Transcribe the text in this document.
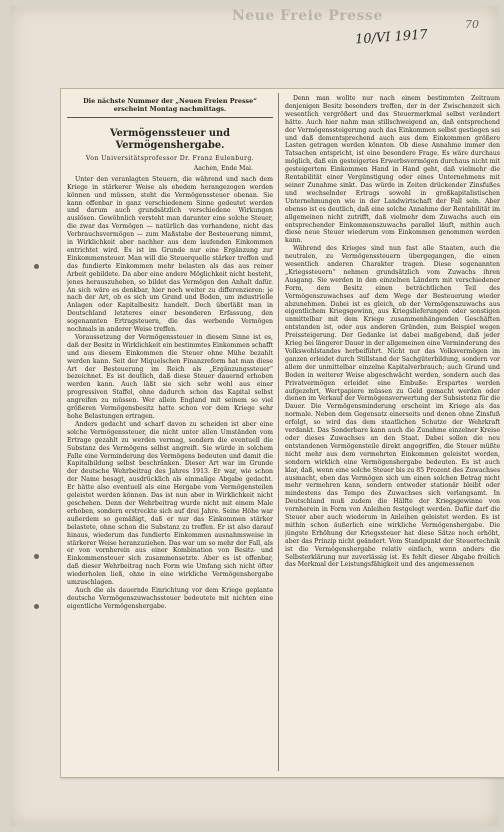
Neue Freie Presse
10/VI 1917
70
Die nächste Nummer der „Neuen Freien Presse“ erscheint Montag nachmittags.
Vermögenssteuer und Vermögenshergabe.
Von Universitätsprofessor Dr. Franz Eulenburg.
Aachen, Ende Mai.

Unter den veranlagten Steuern, die während und nach dem Kriege in stärkerer Weise als ehedem herangezogen werden können und müssen, steht die Vermögenssteuer obenan. Sie kann offenbar in ganz verschiedenem Sinne gedeutet werden und darum auch grundsätzlich verschiedene Wirkungen auslösen. Gewöhnlich versteht man darunter eine solche Steuer, die zwar das Vermögen — natürlich das vorhandene, nicht das Verbrauchsvermögen — zum Maßstabe der Besteuerung nimmt, in Wirklichkeit aber nachher aus dem laufenden Einkommen entrichtet wird. Es ist im Grunde nur eine Ergänzung zur Einkommensteuer. Man will die Steuerquelle stärker treffen und das fundierte Einkommen mehr belasten als das aus reiner Arbeit gebildete. Da aber eine andere Möglichkeit nicht besteht, jenes herauszuheben, so bildet das Vermögen den Anhalt dafür. An sich wäre es denkbar, hier noch weiter zu differenzieren: je nach der Art, ob es sich um Grund und Boden, um industrielle Anlagen oder Kapitalbesitz handelt. Doch überläßt man in Deutschland letzteres einer besonderen Erfassung, den sogenannten Ertragsteuern, die das werbende Vermögen nochmals in anderer Weise treffen.

Voraussetzung der Vermögenssteuer in diesem Sinne ist es, daß der Besitz in Wirklichkeit ein bestimmtes Einkommen schafft und aus diesem Einkommen die Steuer ohne Mühe bezahlt werden kann. Seit der Miquelschen Finanzreform hat man diese Art der Besteuerung im Reich als „Ergänzungssteuer“ bezeichnet. Es ist deutlich, daß diese Steuer dauernd erhoben werden kann. Auch läßt sie sich sehr wohl aus einer progressiven Staffel, ohne dadurch schon das Kapital selbst angreifen zu müssen. Wer allein England mit seinem so viel größeren Vermögensbesitz hatte schon vor dem Kriege sehr hohe Belastungen ertragen.

Anders gedacht und scharf davon zu scheiden ist aber eine solche Vermögenssteuer, die nicht unter allen Umständen vom Ertrage gezahlt zu werden vermag, sondern die eventuell die Substanz des Vermögens selbst angreift. Sie würde in solchem Falle eine Verminderung des Vermögens bedeuten und damit die Kapitalbildung selbst beschränken. Dieser Art war im Grunde der deutsche Wehrbeitrag des Jahres 1913. Er war, wie schon der Name besagt, ausdrücklich als einmalige Abgabe gedacht. Er hätte also eventuell als eine Hergabe vom Vermögensteilen geleistet werden können. Das ist nun aber in Wirklichkeit nicht geschehen. Denn der Wehrbeitrag wurde nicht mit einem Male erhoben, sondern erstreckte sich auf drei Jahre. Seine Höhe war außerdem so gemäßigt, daß er nur das Einkommen stärker belastete, ohne schon die Substanz zu treffen. Er ist also darauf hinaus, wiederum das fundierte Einkommen ausnahmsweise in stärkerer Weise heranzuziehen. Das war um so mehr der Fall, als er von vornherein aus einer Kombination von Besitz- und Einkommensteuer sich zusammensetzte. Aber es ist offenbar, daß dieser Wehrbeitrag nach Form wie Umfang sich nicht öfter wiederholen ließ, ohne in eine wirkliche Vermögenshergabe umzuschlagen.

Auch die als dauernde Einrichtung vor dem Kriege geplante deutsche Vermögenszuwachssteuer bedeutete mit nichten eine eigentliche Vermögenshergabe.

Denn man wollte nur nach einem bestimmten Zeitraum denjenigen Besitz besonders treffen, der in der Zwischenzeit sich wesentlich vergrößert und das Steuermerkmal selbst verändert hätte. Auch hier nahm man stillschweigend an, daß entsprechend der Vermögenssteigerung auch das Einkommen selbst gestiegen sei und daß dementsprechend auch aus dem Einkommen größere Lasten getragen werden könnten. Ob diese Annahme immer den Tatsachen entspricht, ist eine besondere Frage. Es wäre durchaus möglich, daß ein gesteigertes Erwerbsvermögen durchaus nicht mit gesteigertem Einkommen Hand in Hand geht, daß vielmehr die Rentabilität einer Vergünstigung oder eines Unternehmens mit seiner Zunahme sinkt. Das würde in Zeiten drückender Zinsfußes und wechselnder Ertrags sowohl in großkapitalistischen Unternehmungen wie in der Landwirtschaft der Fall sein. Aber ebenso ist es deutlich, daß eine solche Annahme der Rentabilität im allgemeinen nicht zutrifft, daß vielmehr dem Zuwachs auch ein entsprechender Einkommenszuwachs parallel läuft, mithin auch diese neue Steuer wiederum vom Einkommen genommen werden kann.

Während des Krieges sind nun fast alle Staaten, auch die neutralen, zu Vermögenssteuern übergegangen, die einen wesentlich anderen Charakter tragen. Diese sogenannten „Kriegssteuern“ nehmen grundsätzlich vom Zuwachs ihren Ausgang. Sie werden in den einzelnen Ländern mit verschiedener Form, dem Besitz einen beträchtlichen Teil des Vermögenszuwachses auf dem Wege der Besteuerung wieder abzunehmen. Dabei ist es gleich, ob der Vermögenszuwachs aus eigentlichem Kriegsgewinn, aus Kriegslieferungen oder sonstigen unmittelbar mit dem Kriege zusammenhängenden Geschäften entstanden ist, oder aus anderen Gründen, zum Beispiel wegen Preissteigerung. Der Gedanke ist dabei maßgebend, daß jeder Krieg bei längerer Dauer in der allgemeinen eine Verminderung des Volkswohlstandes herbeiführt. Nicht nur das Volksvermögen im ganzen erleidet durch Stillstand der Sachgüterbildung, sondern vor allem der unmittelbar einzelne Kapitalverbrauch; auch Grund und Boden in weiterer Weise abgeschwächt werden, sondern auch das Privatvermögen erleidet eine Einbuße: Erspartes werden aufgezehrt, Wertpapiere müssen zu Geld gemacht werden oder dienen im Verkauf der Vermögensverwertung der Subsistenz für die Dauer. Die Vermögensminderung erscheint im Kriege als das normale. Neben dem Gegensatz einerseits und denen ohne Zinsfuß erfolgt, so wird das dem staatlichen Schutze der Wehrkraft verdankt. Das Sonderbare kann auch die Zunahme einzelner Kreise oder dieses Zuwachses an den Staat. Dabei sollen die neu entstandenen Vermögensteile direkt angegriffen, die Steuer müßte nicht mehr aus dem vermehrten Einkommen geleistet werden, sondern wirklich eine Vermögenshergabe bedeuten. Es ist auch klar, daß, wenn eine solche Steuer bis zu 85 Prozent des Zuwachses ausmacht, eben das Vermögen sich um einen solchen Betrag nicht mehr vermehren kann, sondern entweder stationär bleibt oder mindestens das Tempo des Zuwachses sich verlangsamt. In Deutschland muß zudem die Hälfte der Kriegsgewinne von vornherein in Form von Anleihen festgelegt werden. Dafür darf die Steuer aber auch wiederum in Anleihen geleistet werden. Es ist mithin schon äußerlich eine wirkliche Vermögenshergabe. Die jüngste Erhöhung der Kriegssteuer hat diese Sätze noch erhöht, aber das Prinzip nicht geändert. Vom Standpunkt der Steuertechnik ist die Vermögenshergabe relativ einfach, wenn anders die Selbsterklärung nur zuverlässig ist. Es fehlt dieser Abgabe freilich das Merkmal der Leistungsfähigkeit und des angemessenen
